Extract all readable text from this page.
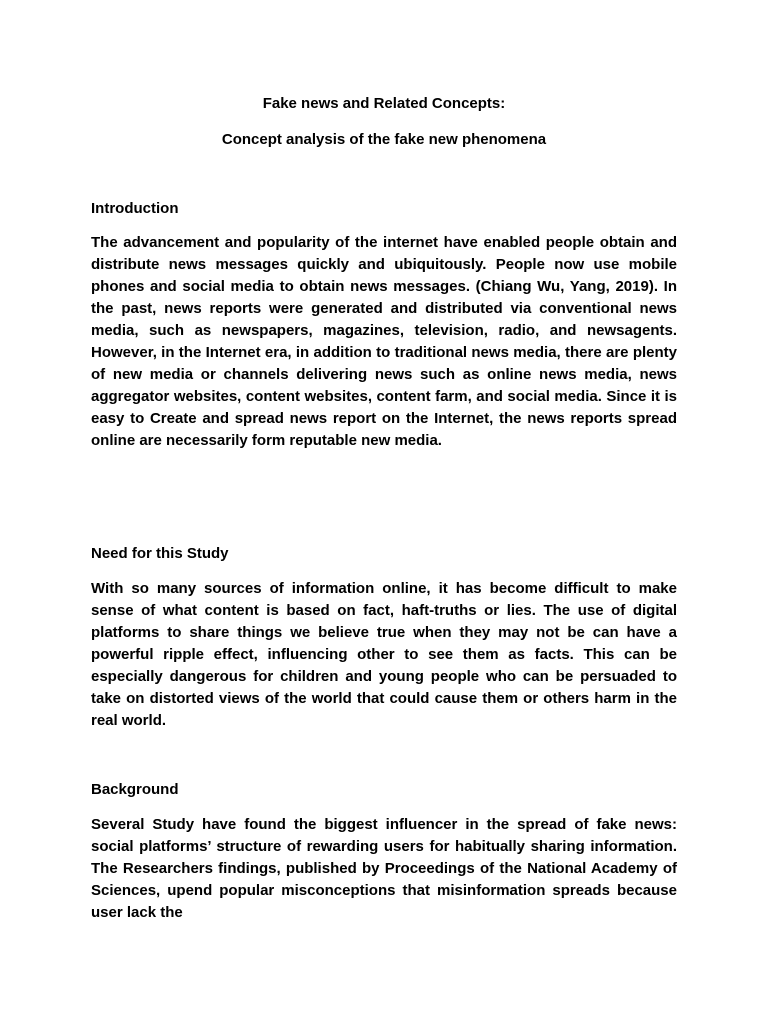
Fake news and Related Concepts:
Concept analysis of the fake new phenomena
Introduction

The advancement and popularity of the internet have enabled people obtain and distribute news messages quickly and ubiquitously. People now use mobile phones and social media to obtain news messages. (Chiang Wu, Yang, 2019). In the past, news reports were generated and distributed via conventional news media, such as newspapers, magazines, television, radio, and newsagents. However, in the Internet era, in addition to traditional news media, there are plenty of new media or channels delivering news such as online news media, news aggregator websites, content websites, content farm, and social media. Since it is easy to Create and spread news report on the Internet, the news reports spread online are necessarily form reputable new media.

Need for this Study

With so many sources of information online, it has become difficult to make sense of what content is based on fact, haft-truths or lies. The use of digital platforms to share things we believe true when they may not be can have a powerful ripple effect, influencing other to see them as facts. This can be especially dangerous for children and young people who can be persuaded to take on distorted views of the world that could cause them or others harm in the real world.

Background

Several Study have found the biggest influencer in the spread of fake news: social platforms’ structure of rewarding users for habitually sharing information. The Researchers findings, published by Proceedings of the National Academy of Sciences, upend popular misconceptions that misinformation spreads because user lack the
